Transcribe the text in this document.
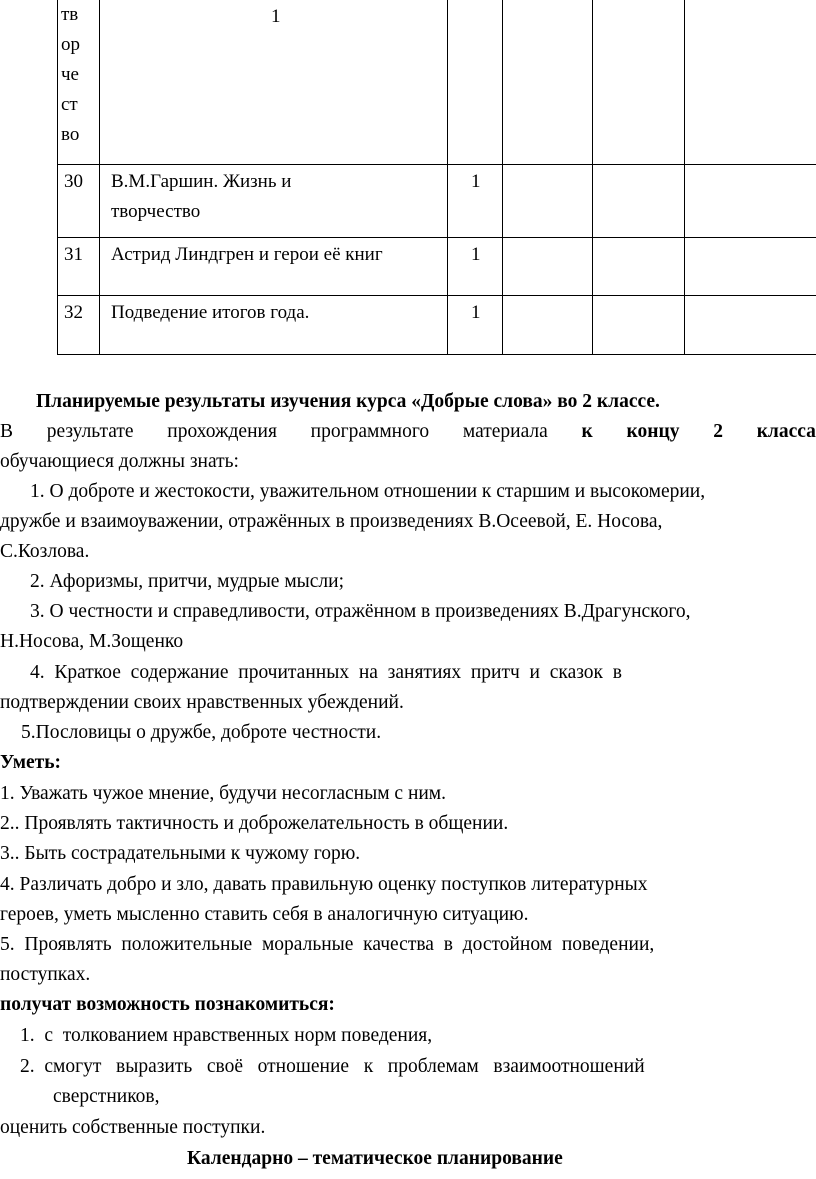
тв
ор
че
ст
во
1
30 В.М.Гаршин. Жизнь и
творчество
1
31 Астрид Линдгрен и герои её книг	1
32 Подведение итогов года.	1
Планируемые результаты изучения курса «Добрые слова» во 2 классе.
В результате прохождения программного материала к концу 2 класса
обучающиеся должны знать:
1. О доброте и жестокости, уважительном отношении к старшим и высокомерии,
дружбе и взаимоуважении, отражённых в произведениях В.Осеевой, Е. Носова,
С.Козлова.
2. Афоризмы, притчи, мудрые мысли;
3. О честности и справедливости, отражённом в произведениях В.Драгунского,
Н.Носова, М.Зощенко
4.  Краткое  содержание  прочитанных  на  занятиях  притч  и  сказок  в
подтверждении своих нравственных убеждений.
5.Пословицы о дружбе, доброте честности.
Уметь:
1. Уважать чужое мнение, будучи несогласным с ним.
2.. Проявлять тактичность и доброжелательность в общении.
3.. Быть сострадательными к чужому горю.
4. Различать добро и зло, давать правильную оценку поступков литературных
героев, уметь мысленно ставить себя в аналогичную ситуацию.
5.  Проявлять  положительные  моральные  качества  в  достойном  поведении,
поступках.
получат возможность познакомиться:
1.  с  толкованием нравственных норм поведения,
2.  смогут   выразить   своё   отношение   к   проблемам   взаимоотношений
сверстников,
оценить собственные поступки.
Календарно – тематическое планирование
